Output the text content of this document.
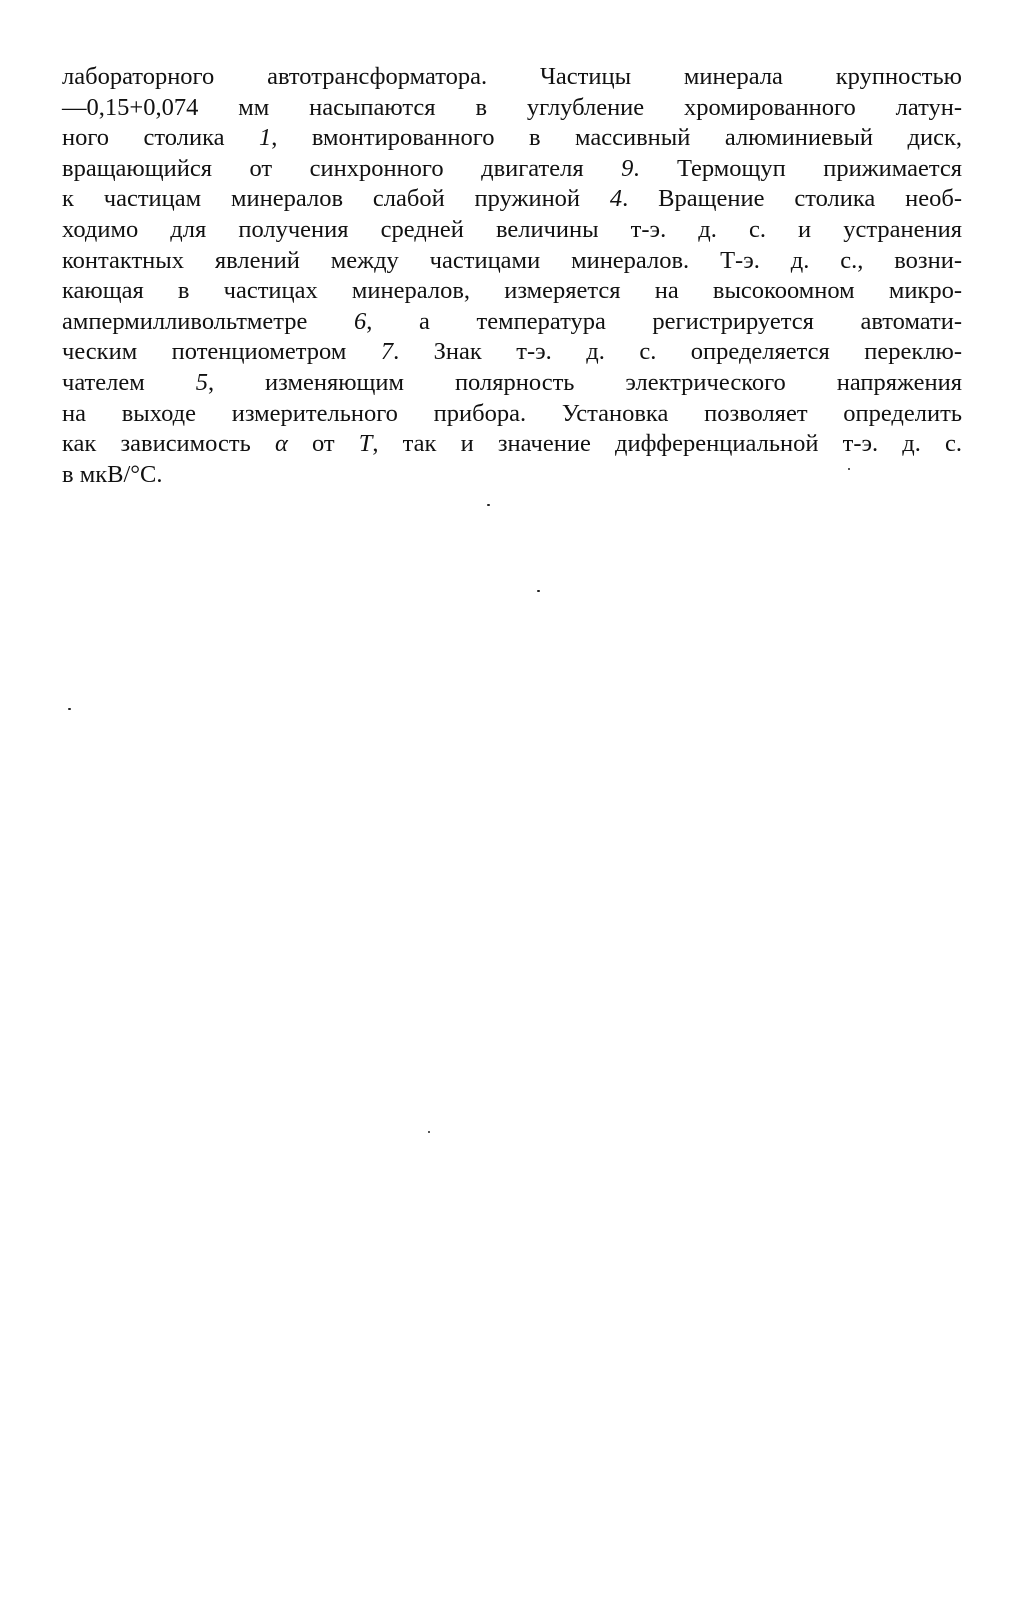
лабораторного автотрансформатора. Частицы минерала крупностью
—0,15+0,074 мм насыпаются в углубление хромированного латун-
ного столика 1, вмонтированного в массивный алюминиевый диск,
вращающийся от синхронного двигателя 9. Термощуп прижимается
к частицам минералов слабой пружиной 4. Вращение столика необ-
ходимо для получения средней величины т-э. д. с. и устранения
контактных явлений между частицами минералов. Т-э. д. с., возни-
кающая в частицах минералов, измеряется на высокоомном микро-
ампермилливольтметре 6, а температура регистрируется автомати-
ческим потенциометром 7. Знак т-э. д. с. определяется переклю-
чателем 5, изменяющим полярность электрического напряжения
на выходе измерительного прибора. Установка позволяет определить
как зависимость α от T, так и значение дифференциальной т-э. д. с.
в мкВ/°С.
